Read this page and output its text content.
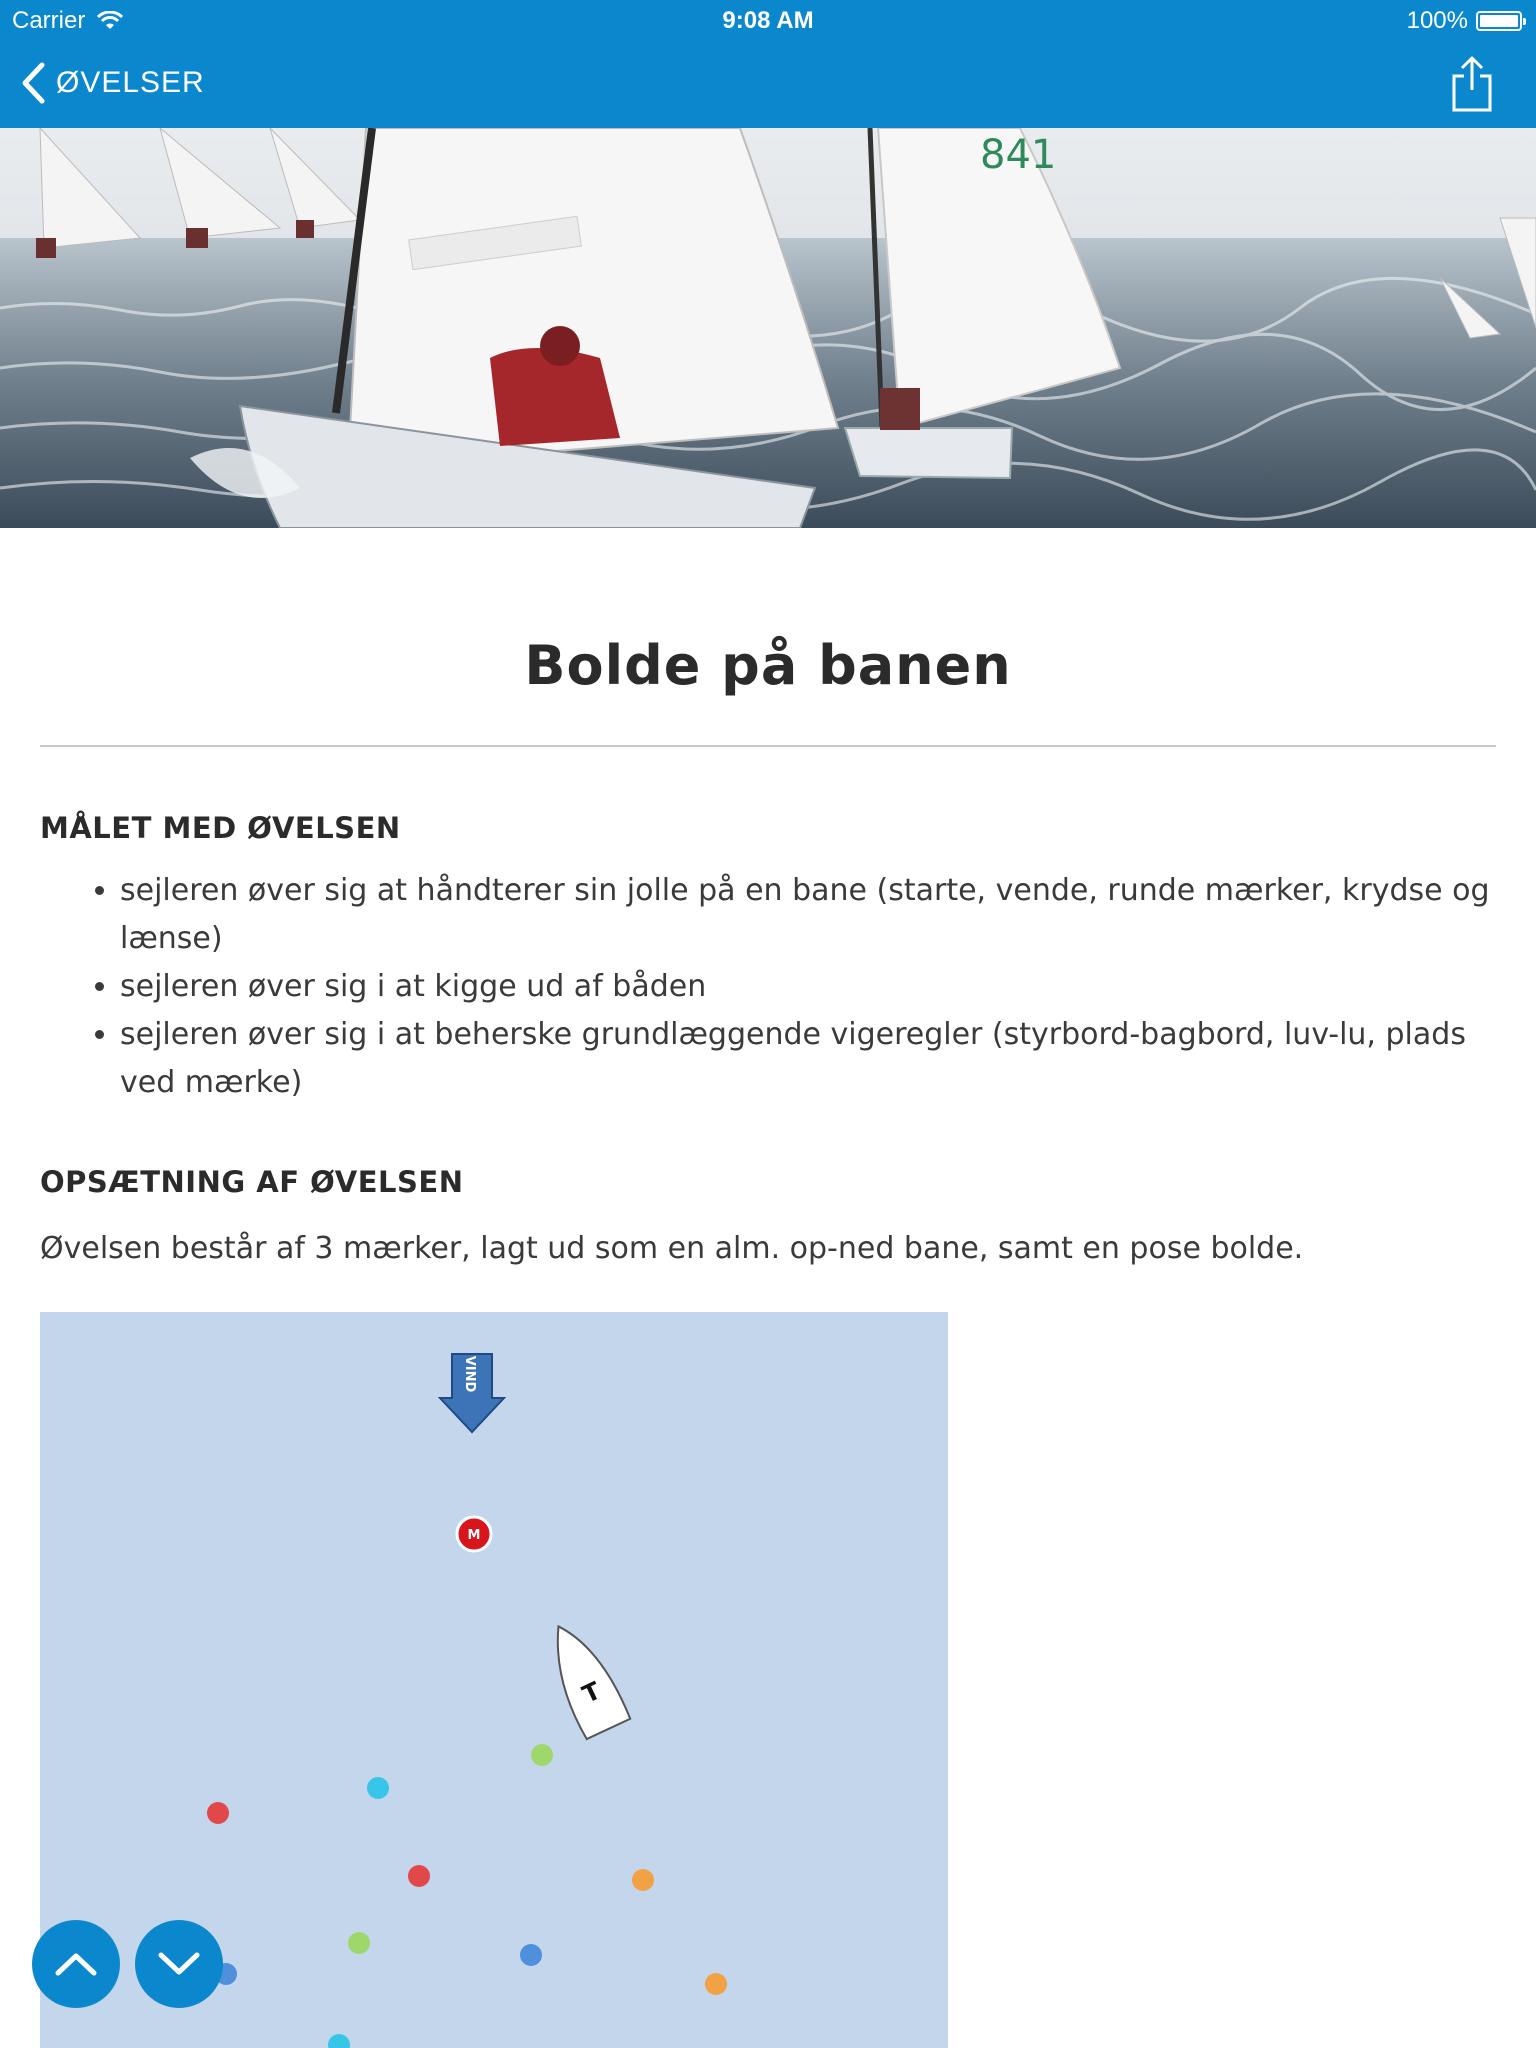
Carrier	9:08 AM	100%
ØVELSER
841
Bolde på banen
MÅLET MED ØVELSEN
• sejleren øver sig at håndterer sin jolle på en bane (starte, vende, runde mærker, krydse og lænse)
• sejleren øver sig i at kigge ud af båden
• sejleren øver sig i at beherske grundlæggende vigeregler (styrbord-bagbord, luv-lu, plads ved mærke)
OPSÆTNING AF ØVELSEN

Øvelsen består af 3 mærker, lagt ud som en alm. op-ned bane, samt en pose bolde.

VIND
M
T
